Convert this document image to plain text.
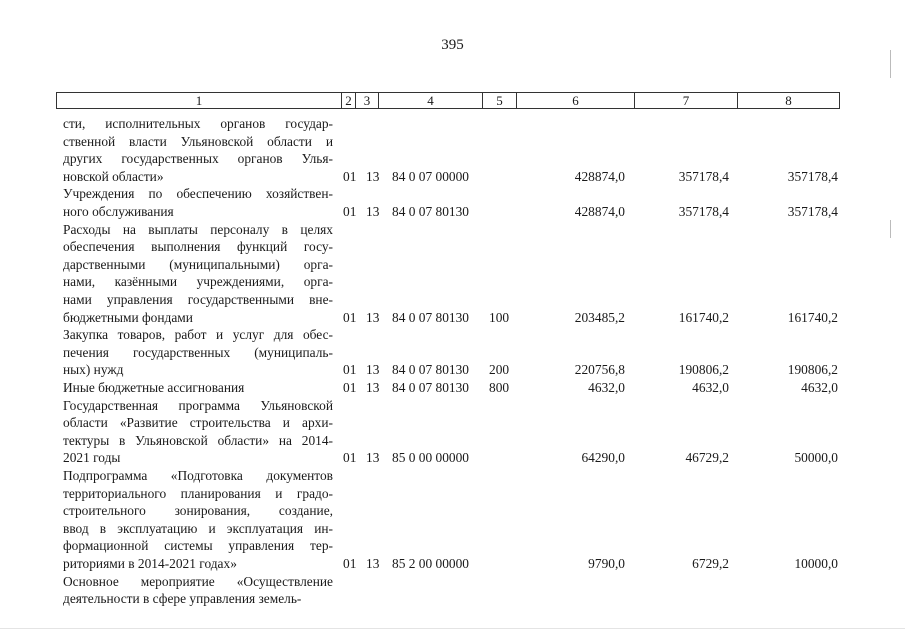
395
1	2 3	4	5	6	7	8
сти, исполнительных органов государ-
ственной власти Ульяновской области и
других государственных органов Улья-
новской области»	01 13 84 0 07 00000	428874,0	357178,4	357178,4
Учреждения по обеспечению хозяйствен-
ного обслуживания	01 13 84 0 07 80130	428874,0	357178,4	357178,4
Расходы на выплаты персоналу в целях
обеспечения выполнения функций госу-
дарственными (муниципальными) орга-
нами, казёнными учреждениями, орга-
нами управления государственными вне-
бюджетными фондами	01 13 84 0 07 80130 100	203485,2	161740,2	161740,2
Закупка товаров, работ и услуг для обес-
печения государственных (муниципаль-
ных) нужд	01 13 84 0 07 80130 200	220756,8	190806,2	190806,2
Иные бюджетные ассигнования	01 13 84 0 07 80130 800	4632,0	4632,0	4632,0
Государственная программа Ульяновской
области «Развитие строительства и архи-
тектуры в Ульяновской области» на 2014-
2021 годы	01 13 85 0 00 00000	64290,0	46729,2	50000,0
Подпрограмма «Подготовка документов
территориального планирования и градо-
строительного зонирования, создание,
ввод в эксплуатацию и эксплуатация ин-
формационной системы управления тер-
риториями в 2014-2021 годах»	01 13 85 2 00 00000	9790,0	6729,2	10000,0
Основное мероприятие «Осуществление
деятельности в сфере управления земель-
